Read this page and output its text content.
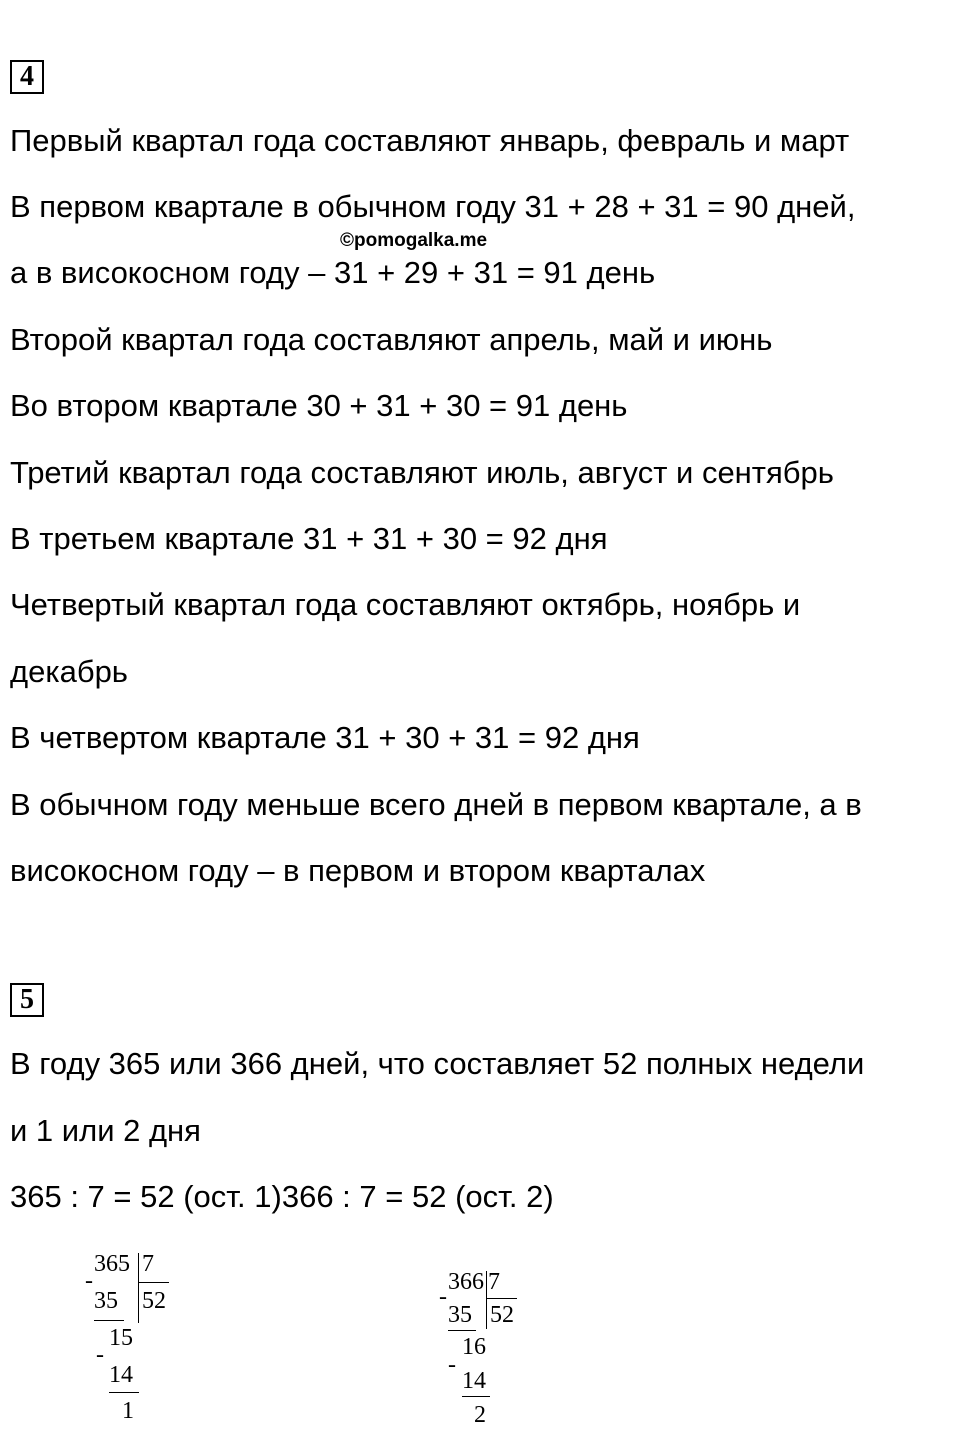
4
Первый квартал года составляют январь, февраль и март
В первом квартале в обычном году 31 + 28 + 31 = 90 дней,
©pomogalka.me
а в високосном году – 31 + 29 + 31 = 91 день
Второй квартал года составляют апрель, май и июнь
Во втором квартале 30 + 31 + 30 = 91 день
Третий квартал года составляют июль, август и сентябрь
В третьем квартале 31 + 31 + 30 = 92 дня
Четвертый квартал года составляют октябрь, ноябрь и
декабрь
В четвертом квартале 31 + 30 + 31 = 92 дня
В обычном году меньше всего дней в первом квартале, а в
високосном году – в первом и втором кварталах
5
В году 365 или 366 дней, что составляет 52 полных недели
и 1 или 2 дня
365 : 7 = 52 (ост. 1)366 : 7 = 52 (ост. 2)
365 7
-
35 52
15
-
14
1
366 7
-
35 52
16
-
14
2
